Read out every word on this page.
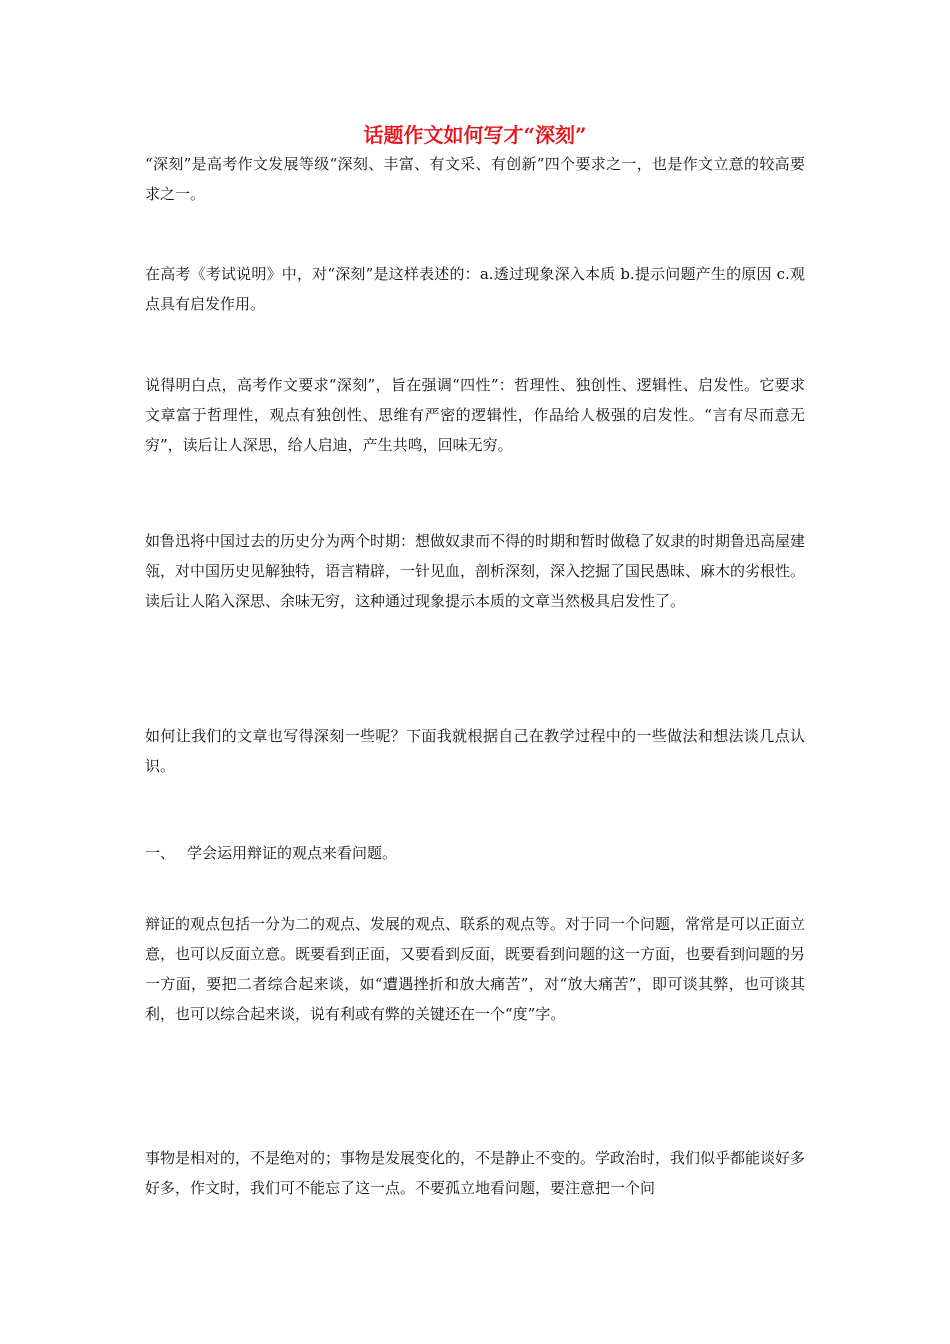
话题作文如何写才“深刻”

“深刻”是高考作文发展等级“深刻、丰富、有文采、有创新”四个要求之一，也是作文立意的较高要求之一。

在高考《考试说明》中，对“深刻”是这样表述的：a.透过现象深入本质 b.提示问题产生的原因 c.观点具有启发作用。

说得明白点，高考作文要求“深刻”，旨在强调“四性”：哲理性、独创性、逻辑性、启发性。它要求文章富于哲理性，观点有独创性、思维有严密的逻辑性，作品给人极强的启发性。“言有尽而意无穷”，读后让人深思，给人启迪，产生共鸣，回味无穷。

如鲁迅将中国过去的历史分为两个时期：想做奴隶而不得的时期和暂时做稳了奴隶的时期鲁迅高屋建瓴，对中国历史见解独特，语言精辟，一针见血，剖析深刻，深入挖掘了国民愚昧、麻木的劣根性。读后让人陷入深思、余味无穷，这种通过现象提示本质的文章当然极具启发性了。

如何让我们的文章也写得深刻一些呢？下面我就根据自己在教学过程中的一些做法和想法谈几点认识。

一、 学会运用辩证的观点来看问题。

辩证的观点包括一分为二的观点、发展的观点、联系的观点等。对于同一个问题，常常是可以正面立意，也可以反面立意。既要看到正面，又要看到反面，既要看到问题的这一方面，也要看到问题的另一方面，要把二者综合起来谈，如“遭遇挫折和放大痛苦”，对“放大痛苦”，即可谈其弊，也可谈其利，也可以综合起来谈，说有利或有弊的关键还在一个“度”字。

事物是相对的，不是绝对的；事物是发展变化的，不是静止不变的。学政治时，我们似乎都能谈好多好多，作文时，我们可不能忘了这一点。不要孤立地看问题，要注意把一个问
